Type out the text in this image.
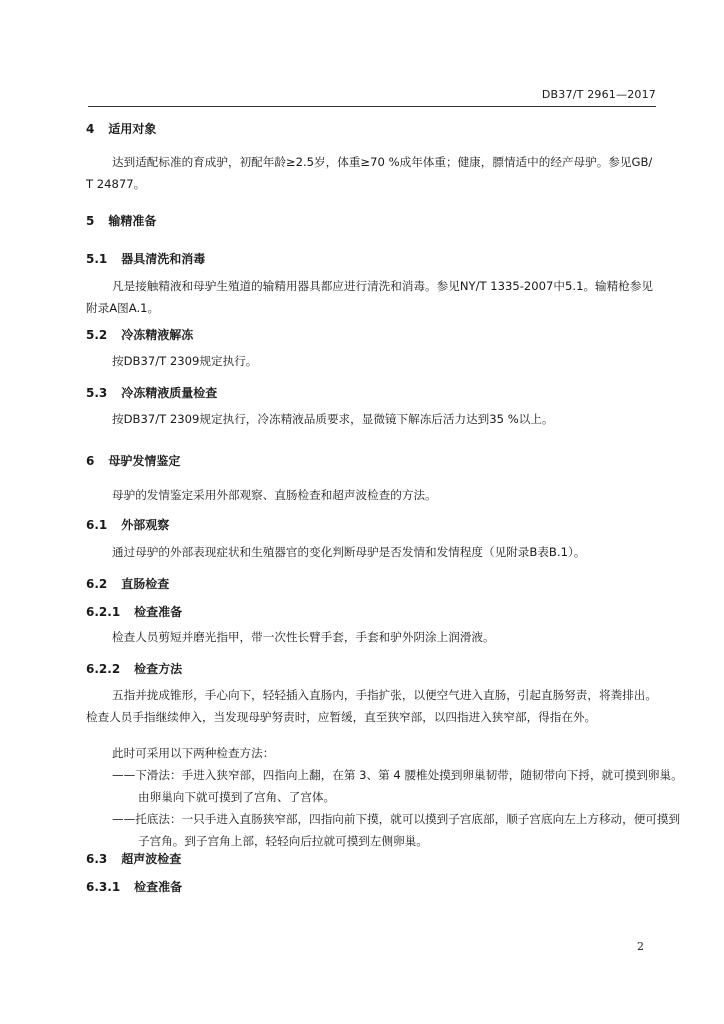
DB37/T 2961—2017
4 适用对象
达到适配标准的育成驴，初配年龄≥2.5岁，体重≥70 %成年体重；健康，膘情适中的经产母驴。参见GB/T 24877。
5 输精准备
5.1 器具清洗和消毒
凡是接触精液和母驴生殖道的输精用器具都应进行清洗和消毒。参见NY/T 1335-2007中5.1。输精枪参见附录A图A.1。
5.2 冷冻精液解冻
按DB37/T 2309规定执行。
5.3 冷冻精液质量检查
按DB37/T 2309规定执行，冷冻精液品质要求，显微镜下解冻后活力达到35 %以上。
6 母驴发情鉴定
母驴的发情鉴定采用外部观察、直肠检查和超声波检查的方法。
6.1 外部观察
通过母驴的外部表现症状和生殖器官的变化判断母驴是否发情和发情程度（见附录B表B.1）。
6.2 直肠检查
6.2.1 检查准备
检查人员剪短并磨光指甲，带一次性长臂手套，手套和驴外阴涂上润滑液。
6.2.2 检查方法
五指并拢成锥形，手心向下，轻轻插入直肠内，手指扩张，以便空气进入直肠，引起直肠努责，将粪排出。检查人员手指继续伸入，当发现母驴努责时，应暂缓，直至狭窄部，以四指进入狭窄部，得指在外。
此时可采用以下两种检查方法：
——下滑法：手进入狭窄部，四指向上翻，在第 3、第 4 腰椎处摸到卵巢韧带，随韧带向下捋，就可摸到卵巢。由卵巢向下就可摸到了宫角、了宫体。
——托底法：一只手进入直肠狭窄部，四指向前下摸，就可以摸到子宫底部，顺子宫底向左上方移动，便可摸到子宫角。到子宫角上部，轻轻向后拉就可摸到左侧卵巢。
6.3 超声波检查
6.3.1 检查准备
2
